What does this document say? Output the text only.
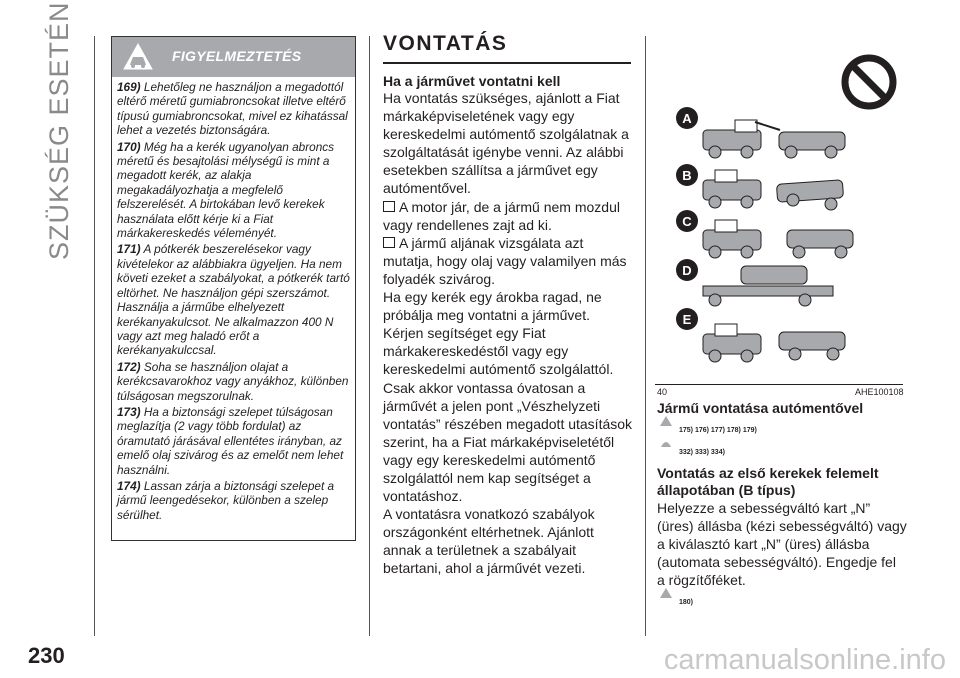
SZÜKSÉG ESETÉN	FIGYELMEZTETÉS

169) Lehetőleg ne használjon a megadottól eltérő méretű gumiabroncsokat illetve eltérő típusú gumiabroncsokat, mivel ez kihatással lehet a vezetés biztonságára.

170) Még ha a kerék ugyanolyan abroncs méretű és besajtolási mélységű is mint a megadott kerék, az alakja megakadályozhatja a megfelelő felszerelését. A birtokában levő kerekek használata előtt kérje ki a Fiat márkakereskedés véleményét.

171) A pótkerék beszerelésekor vagy kivételekor az alábbiakra ügyeljen. Ha nem követi ezeket a szabályokat, a pótkerék tartó eltörhet. Ne használjon gépi szerszámot. Használja a járműbe elhelyezett kerékanyakulcsot. Ne alkalmazzon 400 N vagy azt meg haladó erőt a kerékanyakulccsal.

172) Soha se használjon olajat a kerékcsavarokhoz vagy anyákhoz, különben túlságosan megszorulnak.

173) Ha a biztonsági szelepet túlságosan meglazítja (2 vagy több fordulat) az óramutató járásával ellentétes irányban, az emelő olaj szivárog és az emelőt nem lehet használni.

174) Lassan zárja a biztonsági szelepet a jármű leengedésekor, különben a szelep sérülhet.

VONTATÁS
Ha a járművet vontatni kell

Ha vontatás szükséges, ajánlott a Fiat márkaképviseletének vagy egy kereskedelmi autómentő szolgálatnak a szolgáltatását igénybe venni. Az alábbi esetekben szállítsa a járművet egy autómentővel.

A motor jár, de a jármű nem mozdul vagy rendellenes zajt ad ki.

A jármű aljának vizsgálata azt mutatja, hogy olaj vagy valamilyen más folyadék szivárog.

Ha egy kerék egy árokba ragad, ne próbálja meg vontatni a járművet. Kérjen segítséget egy Fiat márkakereskedéstől vagy egy kereskedelmi autómentő szolgálattól.

Csak akkor vontassa óvatosan a járművét a jelen pont „Vészhelyzeti vontatás” részében megadott utasítások szerint, ha a Fiat márkaképviseletétől vagy egy kereskedelmi autómentő szolgálattól nem kap segítséget a vontatáshoz.

A vontatásra vonatkozó szabályok országonként eltérhetnek. Ajánlott annak a területnek a szabályait betartani, ahol a járművét vezeti.

A
B
C
D
E
40	AHE100108

Jármű vontatása autómentővel

175) 176) 177) 178) 179)
332) 333) 334)

Vontatás az első kerekek felemelt állapotában (B típus)

Helyezze a sebességváltó kart „N” (üres) állásba (kézi sebességváltó) vagy a kiválasztó kart „N” (üres) állásba (automata sebességváltó). Engedje fel a rögzítőféket.

180)
230	carmanualsonline.info
